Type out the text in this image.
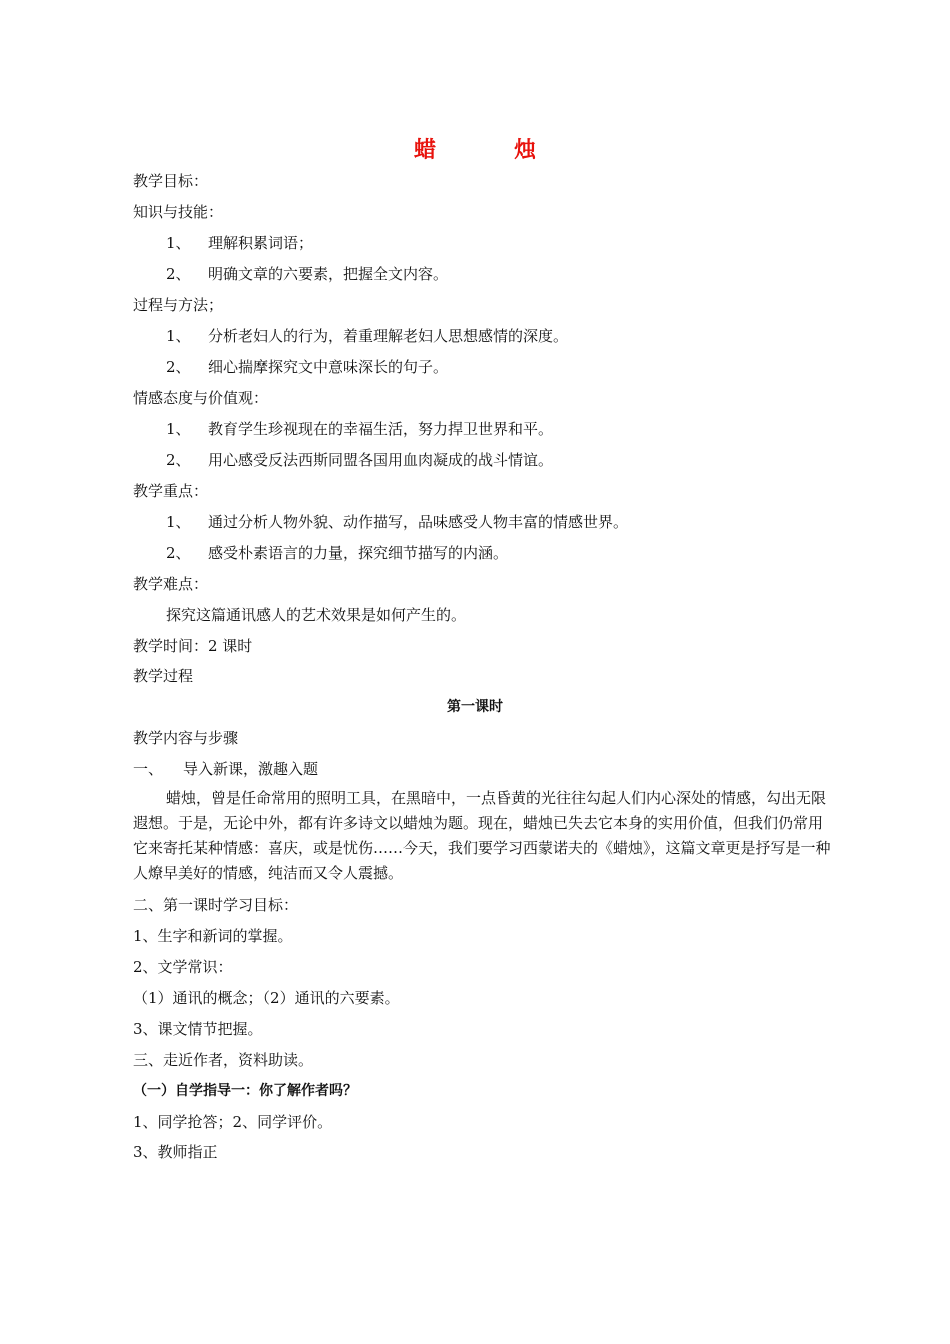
蜡　烛
教学目标：
知识与技能：
1、 理解积累词语；
2、 明确文章的六要素，把握全文内容。
过程与方法；
1、 分析老妇人的行为，着重理解老妇人思想感情的深度。
2、 细心揣摩探究文中意味深长的句子。
情感态度与价值观：
1、 教育学生珍视现在的幸福生活，努力捍卫世界和平。
2、 用心感受反法西斯同盟各国用血肉凝成的战斗情谊。
教学重点：
1、 通过分析人物外貌、动作描写，品味感受人物丰富的情感世界。
2、 感受朴素语言的力量，探究细节描写的内涵。
教学难点：
探究这篇通讯感人的艺术效果是如何产生的。
教学时间：2 课时
教学过程
第一课时
教学内容与步骤
一、 导入新课，激趣入题
蜡烛，曾是任命常用的照明工具，在黑暗中，一点昏黄的光往往勾起人们内心深处的情感，勾出无限遐想。于是，无论中外，都有许多诗文以蜡烛为题。现在，蜡烛已失去它本身的实用价值，但我们仍常用它来寄托某种情感：喜庆，或是忧伤……今天，我们要学习西蒙诺夫的《蜡烛》，这篇文章更是抒写是一种人燎早美好的情感，纯洁而又令人震撼。
二、第一课时学习目标：
1、生字和新词的掌握。
2、文学常识：
（1）通讯的概念；（2）通讯的六要素。
3、课文情节把握。
三、走近作者，资料助读。
（一）自学指导一：你了解作者吗？
1、同学抢答；2、同学评价。
3、教师指正
